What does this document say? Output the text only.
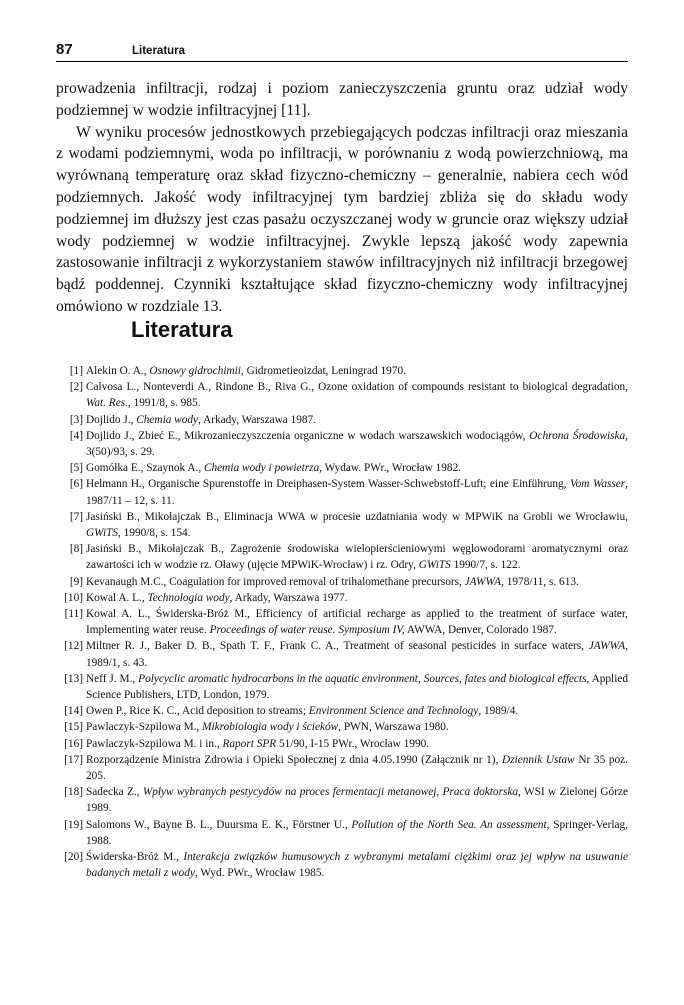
87	Literatura

prowadzenia infiltracji, rodzaj i poziom zanieczyszczenia gruntu oraz udział wody podziemnej w wodzie infiltracyjnej [11].

W wyniku procesów jednostkowych przebiegających podczas infiltracji oraz mieszania z wodami podziemnymi, woda po infiltracji, w porównaniu z wodą powierzchniową, ma wyrównaną temperaturę oraz skład fizyczno-chemiczny – generalnie, nabiera cech wód podziemnych. Jakość wody infiltracyjnej tym bardziej zbliża się do składu wody podziemnej im dłuższy jest czas pasażu oczyszczanej wody w gruncie oraz większy udział wody podziemnej w wodzie infiltracyjnej. Zwykle lepszą jakość wody zapewnia zastosowanie infiltracji z wykorzystaniem stawów infiltracyjnych niż infiltracji brzegowej bądź poddennej. Czynniki kształtujące skład fizyczno-chemiczny wody infiltracyjnej omówiono w rozdziale 13.

Literatura
[1] Alekin O. A., Osnowy gidrochimii, Gidrometieoizdat, Leningrad 1970.
[2] Calvosa L., Nonteverdi A., Rindone B., Riva G., Ozone oxidation of compounds resistant to biological degradation, Wat. Res., 1991/8, s. 985.
[3] Dojlido J., Chemia wody, Arkady, Warszawa 1987.
[4] Dojlido J., Zbieć E., Mikrozanieczyszczenia organiczne w wodach warszawskich wodociągów, Ochrona Środowiska, 3(50)/93, s. 29.
[5] Gomółka E., Szaynok A., Chemia wody i powietrza, Wydaw. PWr., Wrocław 1982.
[6] Helmann H., Organische Spurenstoffe in Dreiphasen-System Wasser-Schwebstoff-Luft; eine Einführung, Vom Wasser, 1987/11 – 12, s. 11.
[7] Jasiński B., Mikołajczak B., Eliminacja WWA w procesie uzdatniania wody w MPWiK na Grobli we Wrocławiu, GWiTS, 1990/8, s. 154.
[8] Jasiński B., Mikołajczak B., Zagrożenie środowiska wielopierścieniowymi węglowodorami aromatycznymi oraz zawartości ich w wodzie rz. Oławy (ujęcie MPWiK-Wrocław) i rz. Odry, GWiTS 1990/7, s. 122.
[9] Kevanaugh M.C., Coagulation for improved removal of trihalomethane precursors, JAWWA, 1978/11, s. 613.
[10] Kowal A. L., Technologia wody, Arkady, Warszawa 1977.
[11] Kowal A. L., Świderska-Bróż M., Efficiency of artificial recharge as applied to the treatment of surface water, Implementing water reuse. Proceedings of water reuse. Symposium IV, AWWA, Denver, Colorado 1987.
[12] Miltner R. J., Baker D. B., Spath T. F., Frank C. A., Treatment of seasonal pesticides in surface waters, JAWWA, 1989/1, s. 43.
[13] Neff J. M., Polycyclic aromatic hydrocarbons in the aquatic environment, Sources, fates and biological effects, Applied Science Publishers, LTD, London, 1979.
[14] Owen P., Rice K. C., Acid deposition to streams; Environment Science and Technology, 1989/4.
[15] Pawlaczyk-Szpilowa M., Mikrobiologia wody i ścieków, PWN, Warszawa 1980.
[16] Pawlaczyk-Szpilowa M. i in., Raport SPR 51/90, I-15 PWr., Wrocław 1990.
[17] Rozporządzenie Ministra Zdrowia i Opieki Społecznej z dnia 4.05.1990 (Załącznik nr 1), Dziennik Ustaw Nr 35 poz. 205.
[18] Sadecka Z., Wpływ wybranych pestycydów na proces fermentacji metanowej, Praca doktorska, WSI w Zielonej Górze 1989.
[19] Salomons W., Bayne B. L., Duursma E. K., Förstner U., Pollution of the North Sea. An assessment, Springer-Verlag, 1988.
[20] Świderska-Bróż M., Interakcja związków humusowych z wybranymi metalami ciężkimi oraz jej wpływ na usuwanie badanych metali z wody, Wyd. PWr., Wrocław 1985.
